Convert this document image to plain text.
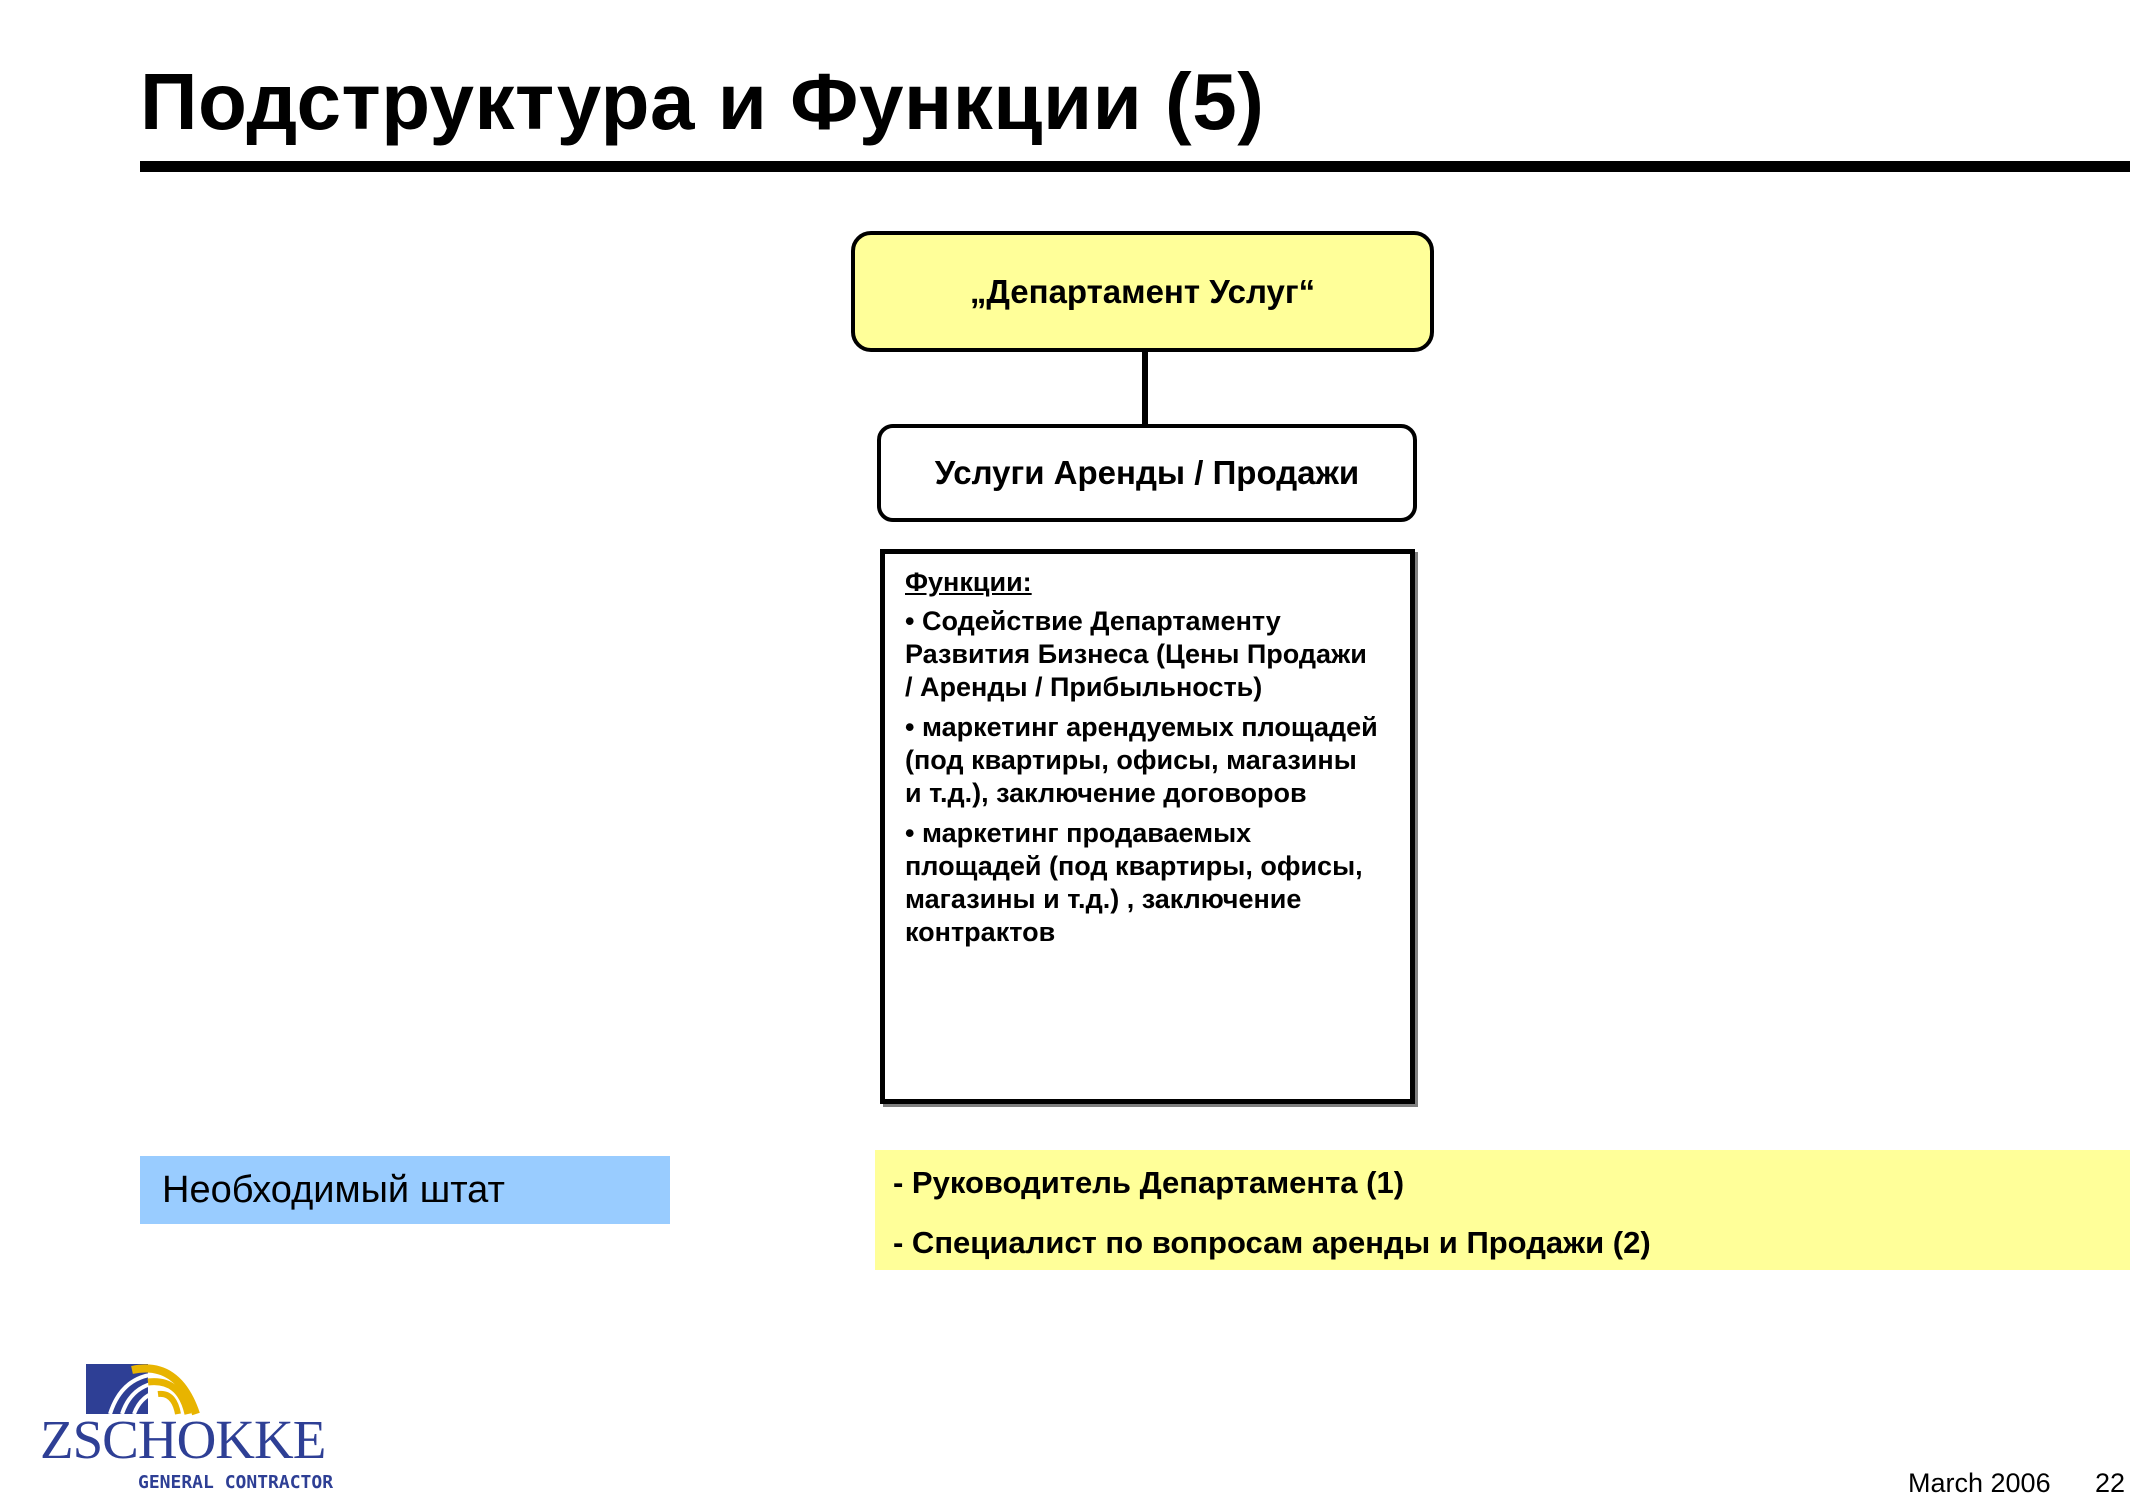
Подструктура и Функции (5)
„Департамент Услуг“
Услуги Аренды / Продажи
Функции:
• Содействие Департаменту
Развития Бизнеса (Цены Продажи
/ Аренды / Прибыльность)
• маркетинг арендуемых площадей
(под квартиры, офисы, магазины
и т.д.), заключение договоров
• маркетинг продаваемых
площадей (под квартиры, офисы,
магазины и т.д.) , заключение
контрактов
Необходимый штат	- Руководитель Департамента (1)
- Специалист по вопросам аренды и Продажи (2)
ZSCHOKKE
GENERAL CONTRACTOR	March 2006 22
